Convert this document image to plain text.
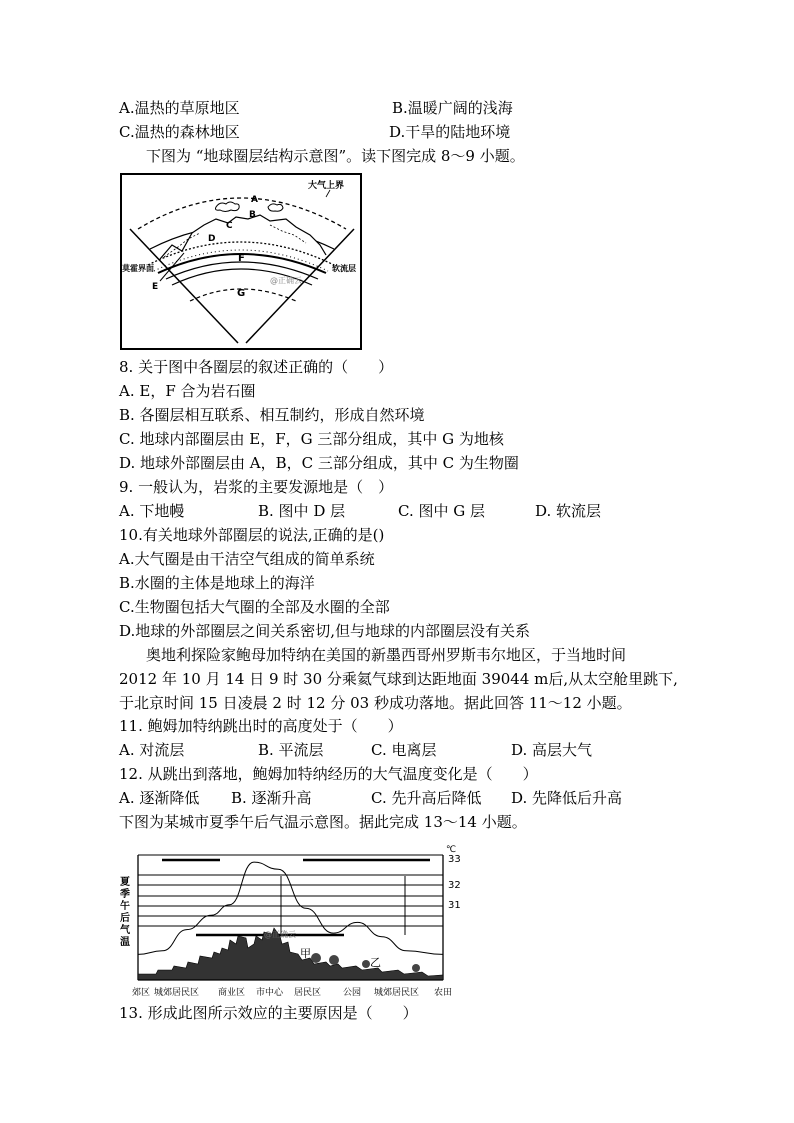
A.温热的草原地区	B.温暖广阔的浅海
C.温热的森林地区	D.干旱的陆地环境
下图为 “地球圈层结构示意图”。读下图完成 8～9 小题。
大气上界
A
B
C
D
F
G
E
莫霍界面	软流层
@正确云
8. 关于图中各圈层的叙述正确的（　　）
A. E，F 合为岩石圈
B. 各圈层相互联系、相互制约，形成自然环境
C. 地球内部圈层由 E，F，G 三部分组成，其中 G 为地核
D. 地球外部圈层由 A，B，C 三部分组成，其中 C 为生物圈
9. 一般认为，岩浆的主要发源地是（　）
A. 下地幔	B. 图中 D 层	C. 图中 G 层	D. 软流层
10.有关地球外部圈层的说法,正确的是()
A.大气圈是由干洁空气组成的简单系统
B.水圈的主体是地球上的海洋
C.生物圈包括大气圈的全部及水圈的全部
D.地球的外部圈层之间关系密切,但与地球的内部圈层没有关系
奥地利探险家鲍母加特纳在美国的新墨西哥州罗斯韦尔地区，于当地时间
2012 年 10 月 14 日 9 时 30 分乘氦气球到达距地面 39044 m后,从太空舱里跳下,
于北京时间 15 日凌晨 2 时 12 分 03 秒成功落地。据此回答 11～12 小题。
11. 鲍姆加特纳跳出时的高度处于（　　）
A. 对流层	B. 平流层	C. 电离层	D. 高层大气
12. 从跳出到落地，鲍姆加特纳经历的大气温度变化是（　　）
A. 逐渐降低 B. 逐渐升高	C. 先升高后降低 D. 先降低后升高
下图为某城市夏季午后气温示意图。据此完成 13～14 小题。
℃
33
32
31
夏 季 午 后 气 温
甲
乙
@正确云
郊区 城郊居民区 商业区 市中心 居民区 公园 城郊居民区 农田
13. 形成此图所示效应的主要原因是（　　）
